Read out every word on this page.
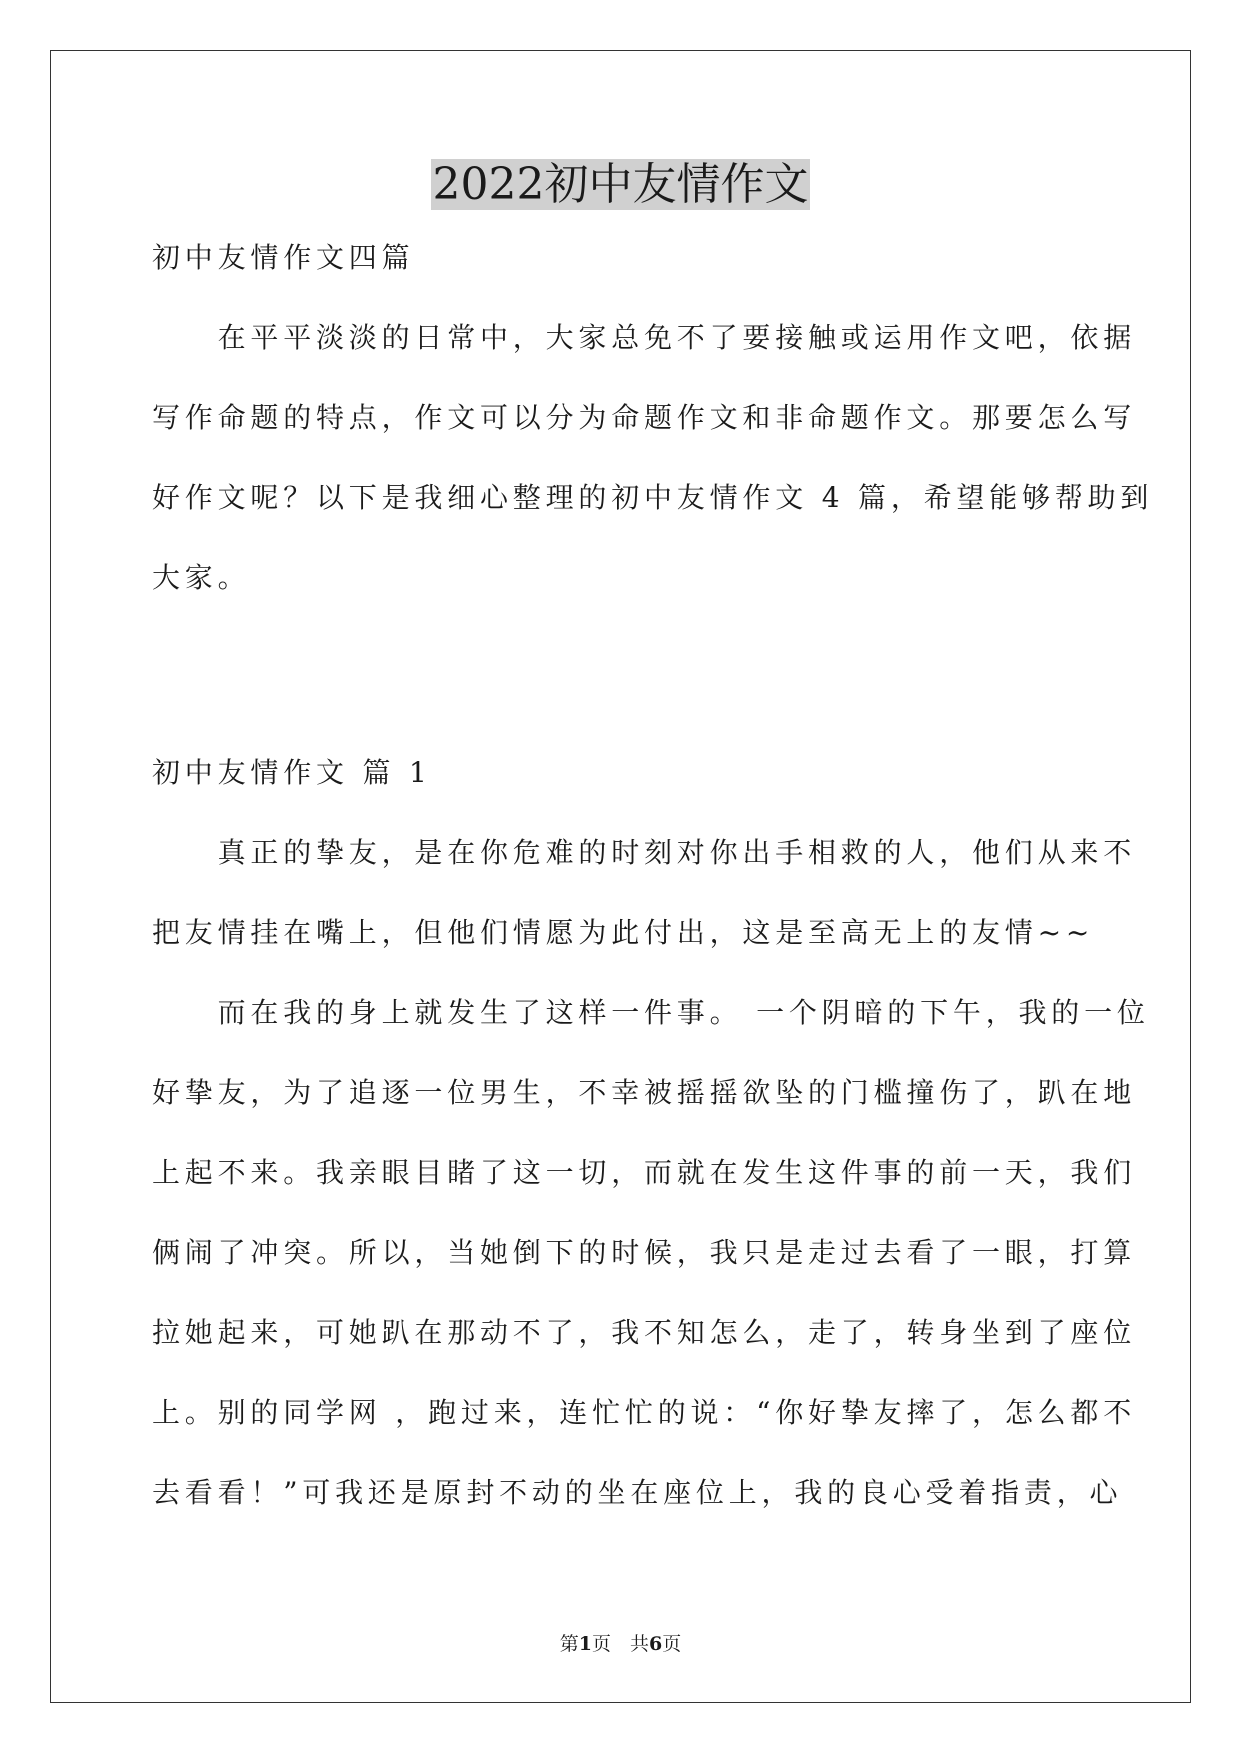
2022初中友情作文
初中友情作文四篇
　　在平平淡淡的日常中，大家总免不了要接触或运用作文吧，依据
写作命题的特点，作文可以分为命题作文和非命题作文。那要怎么写
好作文呢？以下是我细心整理的初中友情作文 4 篇，希望能够帮助到
大家。
初中友情作文 篇 1
　　真正的挚友，是在你危难的时刻对你出手相救的人，他们从来不
把友情挂在嘴上，但他们情愿为此付出，这是至高无上的友情~~
　　而在我的身上就发生了这样一件事。 一个阴暗的下午，我的一位
好挚友，为了追逐一位男生，不幸被摇摇欲坠的门槛撞伤了，趴在地
上起不来。我亲眼目睹了这一切，而就在发生这件事的前一天，我们
俩闹了冲突。所以，当她倒下的时候，我只是走过去看了一眼，打算
拉她起来，可她趴在那动不了，我不知怎么，走了，转身坐到了座位
上。别的同学网 ，跑过来，连忙忙的说：“你好挚友摔了，怎么都不
去看看！”可我还是原封不动的坐在座位上，我的良心受着指责，心
第1页　共6页
